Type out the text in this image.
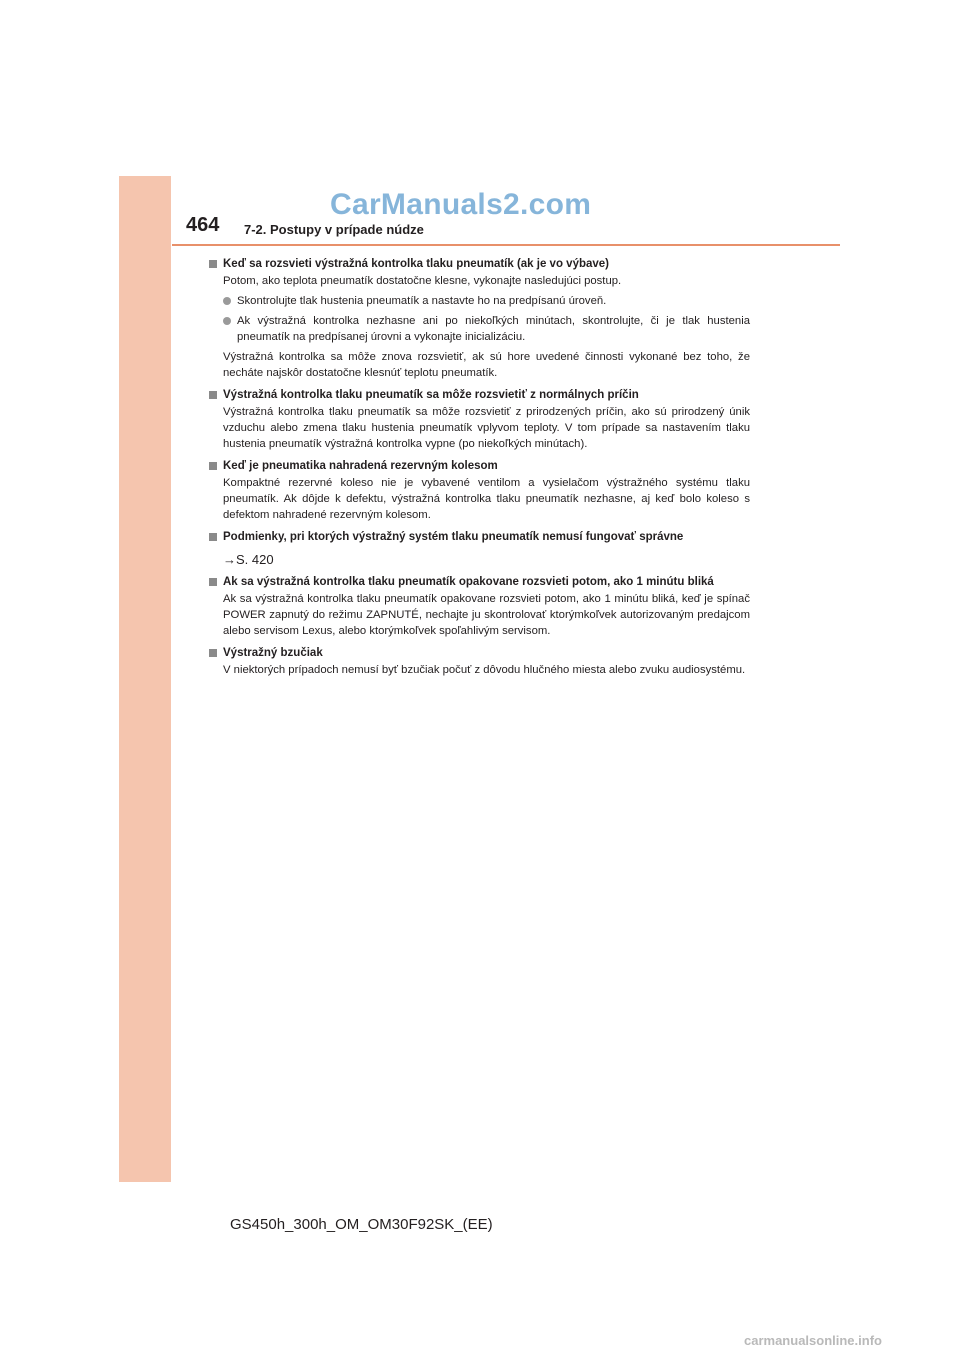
464 7-2. Postupy v prípade núdze
CarManuals2.com
Keď sa rozsvieti výstražná kontrolka tlaku pneumatík (ak je vo výbave)
Potom, ako teplota pneumatík dostatočne klesne, vykonajte nasledujúci postup.
Skontrolujte tlak hustenia pneumatík a nastavte ho na predpísanú úroveň.
Ak výstražná kontrolka nezhasne ani po niekoľkých minútach, skontrolujte, či je tlak hustenia pneumatík na predpísanej úrovni a vykonajte inicializáciu.
Výstražná kontrolka sa môže znova rozsvietiť, ak sú hore uvedené činnosti vykonané bez toho, že necháte najskôr dostatočne klesnúť teplotu pneumatík.
Výstražná kontrolka tlaku pneumatík sa môže rozsvietiť z normálnych príčin
Výstražná kontrolka tlaku pneumatík sa môže rozsvietiť z prirodzených príčin, ako sú prirodzený únik vzduchu alebo zmena tlaku hustenia pneumatík vplyvom teploty. V tom prípade sa nastavením tlaku hustenia pneumatík výstražná kontrolka vypne (po niekoľkých minútach).
Keď je pneumatika nahradená rezervným kolesom
Kompaktné rezervné koleso nie je vybavené ventilom a vysielačom výstražného systému tlaku pneumatík. Ak dôjde k defektu, výstražná kontrolka tlaku pneumatík nezhasne, aj keď bolo koleso s defektom nahradené rezervným kolesom.
Podmienky, pri ktorých výstražný systém tlaku pneumatík nemusí fungovať správne
→S. 420
Ak sa výstražná kontrolka tlaku pneumatík opakovane rozsvieti potom, ako 1 minútu bliká
Ak sa výstražná kontrolka tlaku pneumatík opakovane rozsvieti potom, ako 1 minútu bliká, keď je spínač POWER zapnutý do režimu ZAPNUTÉ, nechajte ju skontrolovať ktorýmkoľvek autorizovaným predajcom alebo servisom Lexus, alebo ktorýmkoľvek spoľahlivým servisom.
Výstražný bzučiak
V niektorých prípadoch nemusí byť bzučiak počuť z dôvodu hlučného miesta alebo zvuku audiosystému.
GS450h_300h_OM_OM30F92SK_(EE)
carmanualsonline.info
